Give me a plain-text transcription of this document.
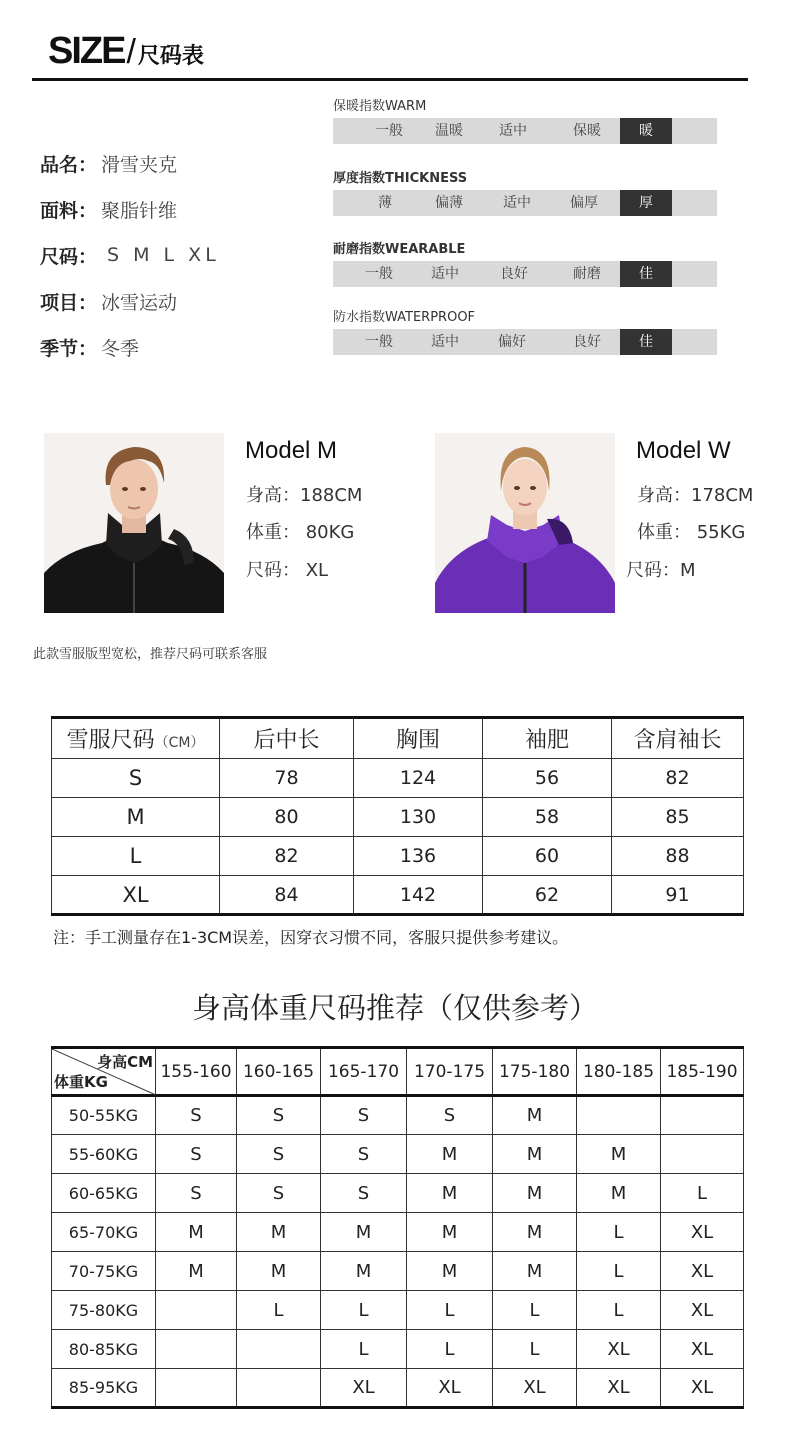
SIZE / 尺码表
品名： 滑雪夹克
面料： 聚脂针维
尺码： S M L XL
项目： 冰雪运动
季节： 冬季
保暖指数WARM
一般	温暖	适中	保暖	暖
厚度指数THICKNESS
薄	偏薄	适中	偏厚	厚
耐磨指数WEARABLE
一般	适中	良好	耐磨	佳
防水指数WATERPROOF
一般	适中	偏好	良好	佳
Model M
身高：188CM
体重： 80KG
尺码： XL
Model W
身高：178CM
体重： 55KG
尺码：M
此款雪服版型宽松，推荐尺码可联系客服
雪服尺码（CM）	后中长	胸围	袖肥	含肩袖长
S	78	124	56	82
M	80	130	58	85
L	82	136	60	88
XL	84	142	62	91
注：手工测量存在1-3CM误差，因穿衣习惯不同，客服只提供参考建议。
身高体重尺码推荐（仅供参考）
身高CM
体重KG	155-160	160-165	165-170	170-175	175-180	180-185	185-190
50-55KG	S	S	S	S	M		
55-60KG	S	S	S	M	M	M	
60-65KG	S	S	S	M	M	M	L
65-70KG	M	M	M	M	M	L	XL
70-75KG	M	M	M	M	M	L	XL
75-80KG		L	L	L	L	L	XL
80-85KG			L	L	L	XL	XL
85-95KG			XL	XL	XL	XL	XL
